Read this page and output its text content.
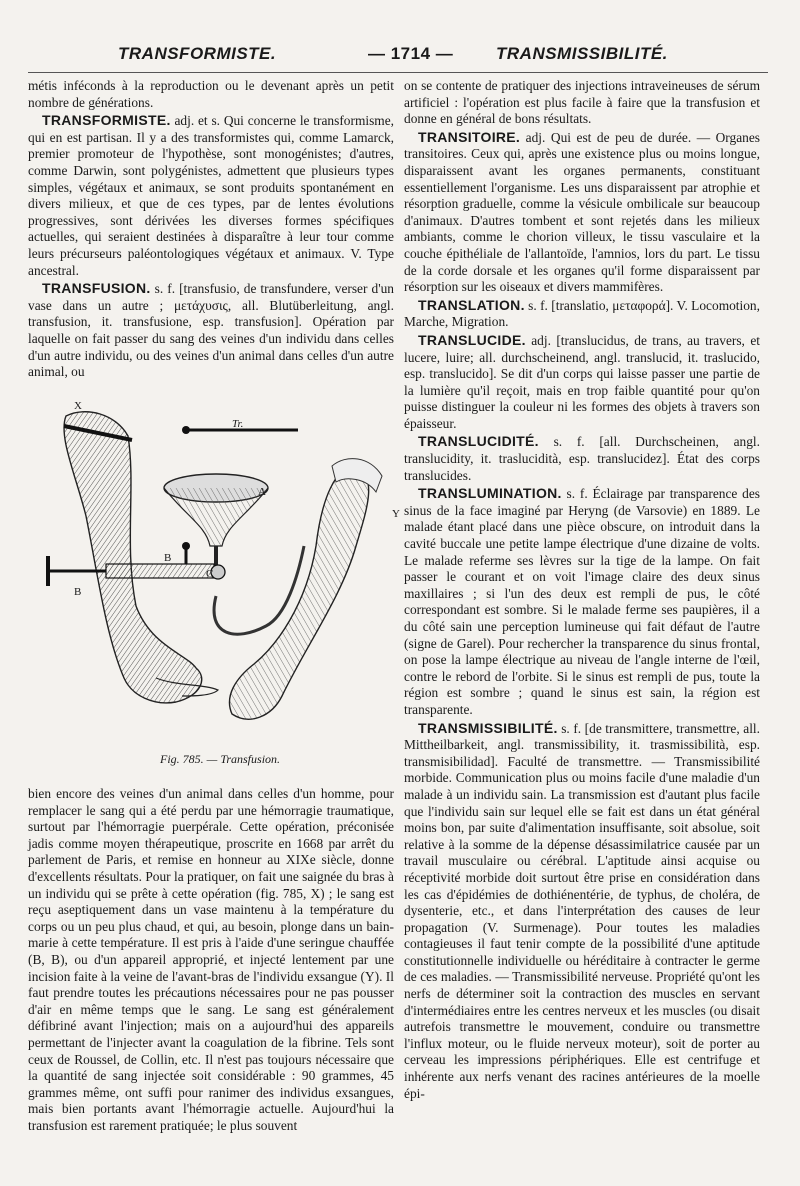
TRANSFORMISTE.	— 1714 —	TRANSMISSIBILITÉ.

métis inféconds à la reproduction ou le devenant après un petit nombre de générations.

TRANSFORMISTE. adj. et s. Qui concerne le transformisme, qui en est partisan. Il y a des transformistes qui, comme Lamarck, premier promoteur de l'hypothèse, sont monogénistes; d'autres, comme Darwin, sont polygénistes, admettent que plusieurs types simples, végétaux et animaux, se sont produits spontanément en divers milieux, et que de ces types, par de lentes évolutions progressives, sont dérivées les diverses formes spécifiques actuelles, qui seraient destinées à disparaître à leur tour comme leurs précurseurs paléontologiques végétaux et animaux. V. Type ancestral.

TRANSFUSION. s. f. [transfusio, de transfundere, verser d'un vase dans un autre ; μετάχυσις, all. Blutüberleitung, angl. transfusion, it. transfusione, esp. transfusion]. Opération par laquelle on fait passer du sang des veines d'un individu dans celles d'un autre individu, ou des veines d'un animal dans celles d'un autre animal, ou

X
Y
Tr.
A
B
B
C
Fig. 785. — Transfusion.

bien encore des veines d'un animal dans celles d'un homme, pour remplacer le sang qui a été perdu par une hémorragie traumatique, surtout par l'hémorragie puerpérale. Cette opération, préconisée jadis comme moyen thérapeutique, proscrite en 1668 par arrêt du parlement de Paris, et remise en honneur au XIXe siècle, donne d'excellents résultats. Pour la pratiquer, on fait une saignée du bras à un individu qui se prête à cette opération (fig. 785, X) ; le sang est reçu aseptiquement dans un vase maintenu à la température du corps ou un peu plus chaud, et qui, au besoin, plonge dans un bain-marie à cette température. Il est pris à l'aide d'une seringue chauffée (B, B), ou d'un appareil approprié, et injecté lentement par une incision faite à la veine de l'avant-bras de l'individu exsangue (Y). Il faut prendre toutes les précautions nécessaires pour ne pas pousser d'air en même temps que le sang. Le sang est généralement défibriné avant l'injection; mais on a aujourd'hui des appareils permettant de l'injecter avant la coagulation de la fibrine. Tels sont ceux de Roussel, de Collin, etc. Il n'est pas toujours nécessaire que la quantité de sang injectée soit considérable : 90 grammes, 45 grammes même, ont suffi pour ranimer des individus exsangues, mais bien portants avant l'hémorragie actuelle. Aujourd'hui la transfusion est rarement pratiquée; le plus souvent

on se contente de pratiquer des injections intraveineuses de sérum artificiel : l'opération est plus facile à faire que la transfusion et donne en général de bons résultats.

TRANSITOIRE. adj. Qui est de peu de durée. — Organes transitoires. Ceux qui, après une existence plus ou moins longue, disparaissent avant les organes permanents, constituant essentiellement l'organisme. Les uns disparaissent par atrophie et résorption graduelle, comme la vésicule ombilicale sur beaucoup d'animaux. D'autres tombent et sont rejetés dans les milieux ambiants, comme le chorion villeux, le tissu vasculaire et la couche épithéliale de l'allantoïde, l'amnios, lors du part. Le tissu de la corde dorsale et les organes qu'il forme disparaissent par résorption sur les oiseaux et divers mammifères.

TRANSLATION. s. f. [translatio, μεταφορά]. V. Locomotion, Marche, Migration.

TRANSLUCIDE. adj. [translucidus, de trans, au travers, et lucere, luire; all. durchscheinend, angl. translucid, it. traslucido, esp. translucido]. Se dit d'un corps qui laisse passer une partie de la lumière qu'il reçoit, mais en trop faible quantité pour qu'on puisse distinguer la couleur ni les formes des objets à travers son épaisseur.

TRANSLUCIDITÉ. s. f. [all. Durchscheinen, angl. translucidity, it. traslucidità, esp. translucidez]. État des corps translucides.

TRANSLUMINATION. s. f. Éclairage par transparence des sinus de la face imaginé par Heryng (de Varsovie) en 1889. Le malade étant placé dans une pièce obscure, on introduit dans la cavité buccale une petite lampe électrique d'une dizaine de volts. Le malade referme ses lèvres sur la tige de la lampe. On fait passer le courant et on voit l'image claire des deux sinus maxillaires ; si l'un des deux est rempli de pus, le côté correspondant est sombre. Si le malade ferme ses paupières, il a du côté sain une perception lumineuse qui fait défaut de l'autre (signe de Garel). Pour rechercher la transparence du sinus frontal, on pose la lampe électrique au niveau de l'angle interne de l'œil, contre le rebord de l'orbite. Si le sinus est rempli de pus, toute la région est sombre ; quand le sinus est sain, la région est transparente.

TRANSMISSIBILITÉ. s. f. [de transmittere, transmettre, all. Mittheilbarkeit, angl. transmissibility, it. trasmissibilità, esp. transmisibilidad]. Faculté de transmettre. — Transmissibilité morbide. Communication plus ou moins facile d'une maladie d'un malade à un individu sain. La transmission est d'autant plus facile que l'individu sain sur lequel elle se fait est dans un état général moins bon, par suite d'alimentation insuffisante, soit absolue, soit relative à la somme de la dépense désassimilatrice causée par un travail musculaire ou cérébral. L'aptitude ainsi acquise ou réceptivité morbide doit surtout être prise en considération dans les cas d'épidémies de dothiénentérie, de typhus, de choléra, de dysenterie, etc., et dans l'interprétation des causes de leur propagation (V. Surmenage). Pour toutes les maladies contagieuses il faut tenir compte de la possibilité d'une aptitude constitutionnelle individuelle ou héréditaire à contracter le germe de ces maladies. — Transmissibilité nerveuse. Propriété qu'ont les nerfs de déterminer soit la contraction des muscles en servant d'intermédiaires entre les centres nerveux et les muscles (ou disait autrefois transmettre le mouvement, conduire ou transmettre l'influx moteur, ou le fluide nerveux moteur), soit de porter au cerveau les impressions périphériques. Elle est centrifuge et inhérente aux nerfs venant des racines antérieures de la moelle épi-
